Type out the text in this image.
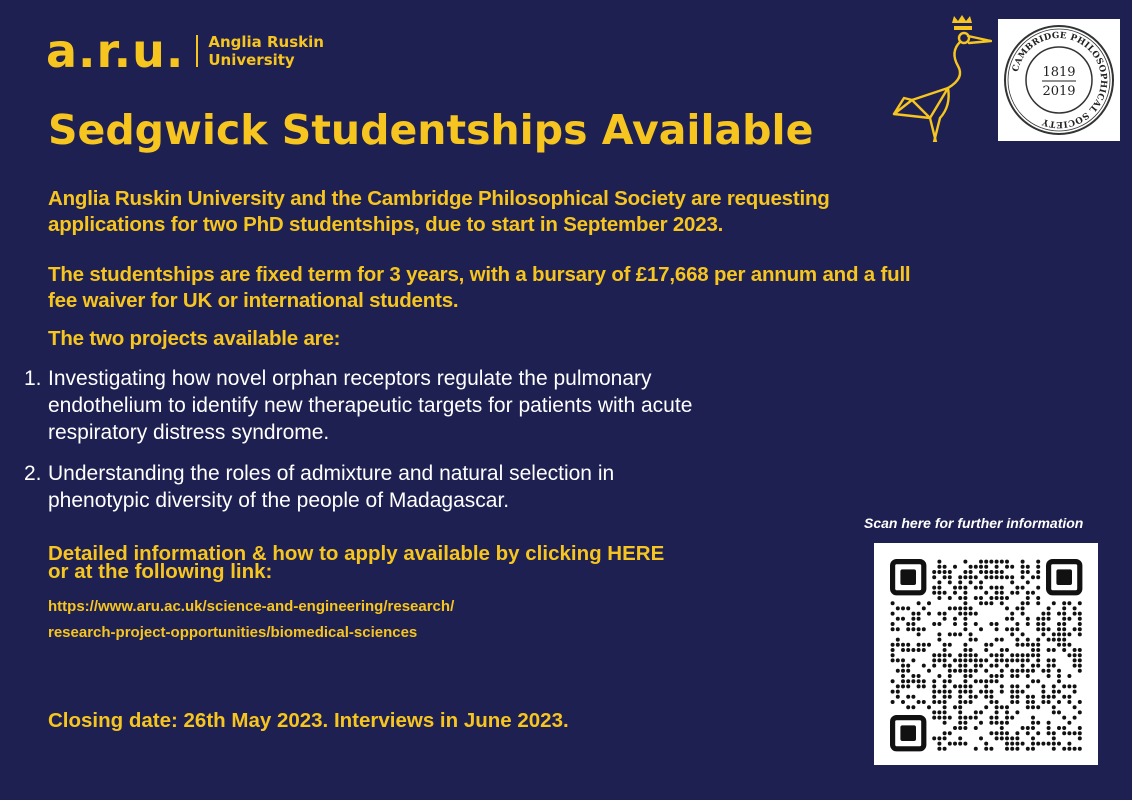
a.r.u. Anglia Ruskin
University	CAMBRIDGE PHILOSOPHICAL SOCIETY
1819
2019
Sedgwick Studentships Available
Anglia Ruskin University and the Cambridge Philosophical Society are requesting
applications for two PhD studentships, due to start in September 2023.
The studentships are fixed term for 3 years, with a bursary of £17,668 per annum and a full
fee waiver for UK or international students.
The two projects available are:
1. Investigating how novel orphan receptors regulate the pulmonary
endothelium to identify new therapeutic targets for patients with acute
respiratory distress syndrome.
2. Understanding the roles of admixture and natural selection in
phenotypic diversity of the people of Madagascar.
Detailed information & how to apply available by clicking HERE
or at the following link:
https://www.aru.ac.uk/science-and-engineering/research/
research-project-opportunities/biomedical-sciences
Closing date: 26th May 2023. Interviews in June 2023.
Scan here for further information
